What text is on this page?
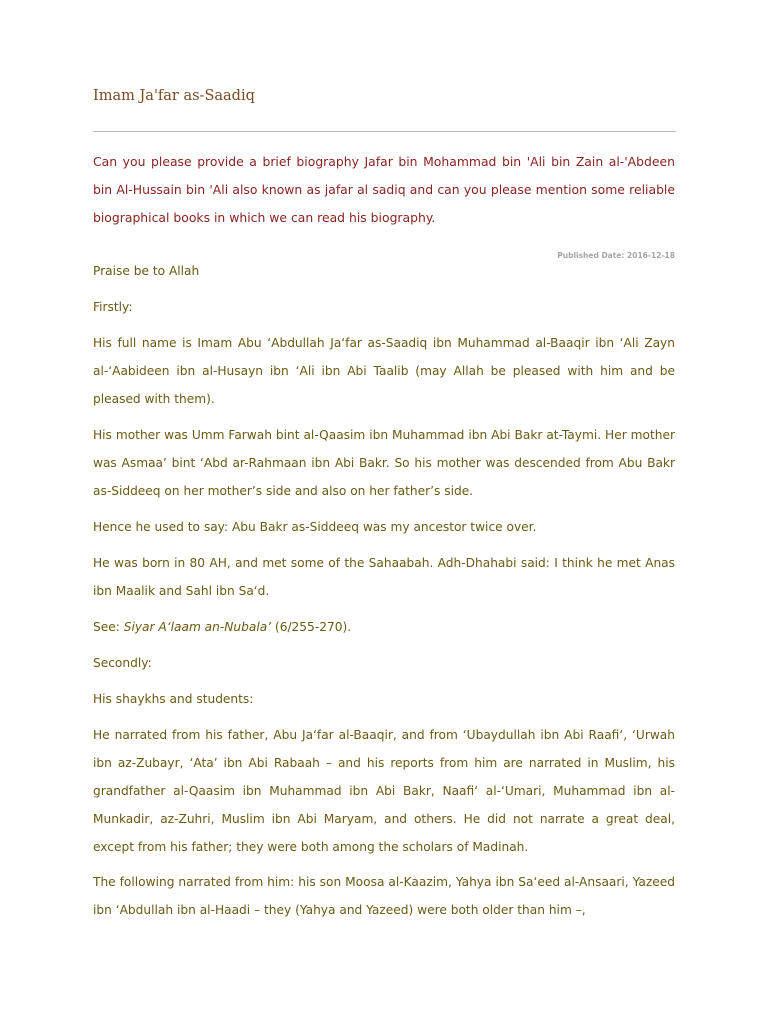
Imam Ja'far as-Saadiq

Can you please provide a brief biography Jafar bin Mohammad bin 'Ali bin Zain al-'Abdeen bin Al-Hussain bin 'Ali also known as jafar al sadiq and can you please mention some reliable biographical books in which we can read his biography.

Published Date: 2016-12-18

Praise be to Allah

Firstly:

His full name is Imam Abu ‘Abdullah Ja‘far as-Saadiq ibn Muhammad al-Baaqir ibn ‘Ali Zayn al-‘Aabideen ibn al-Husayn ibn ‘Ali ibn Abi Taalib (may Allah be pleased with him and be pleased with them).

His mother was Umm Farwah bint al-Qaasim ibn Muhammad ibn Abi Bakr at-Taymi. Her mother was Asmaa’ bint ‘Abd ar-Rahmaan ibn Abi Bakr. So his mother was descended from Abu Bakr as-Siddeeq on her mother’s side and also on her father’s side.

Hence he used to say: Abu Bakr as-Siddeeq was my ancestor twice over.

He was born in 80 AH, and met some of the Sahaabah. Adh-Dhahabi said: I think he met Anas ibn Maalik and Sahl ibn Sa‘d.

See: Siyar A‘laam an-Nubala’ (6/255-270).

Secondly:

His shaykhs and students:

He narrated from his father, Abu Ja‘far al-Baaqir, and from ‘Ubaydullah ibn Abi Raafi‘, ‘Urwah ibn az-Zubayr, ‘Ata’ ibn Abi Rabaah – and his reports from him are narrated in Muslim, his grandfather al-Qaasim ibn Muhammad ibn Abi Bakr, Naafi‘ al-‘Umari, Muhammad ibn al-Munkadir, az-Zuhri, Muslim ibn Abi Maryam, and others. He did not narrate a great deal, except from his father; they were both among the scholars of Madinah.

The following narrated from him: his son Moosa al-Kaazim, Yahya ibn Sa‘eed al-Ansaari, Yazeed ibn ‘Abdullah ibn al-Haadi – they (Yahya and Yazeed) were both older than him –,
